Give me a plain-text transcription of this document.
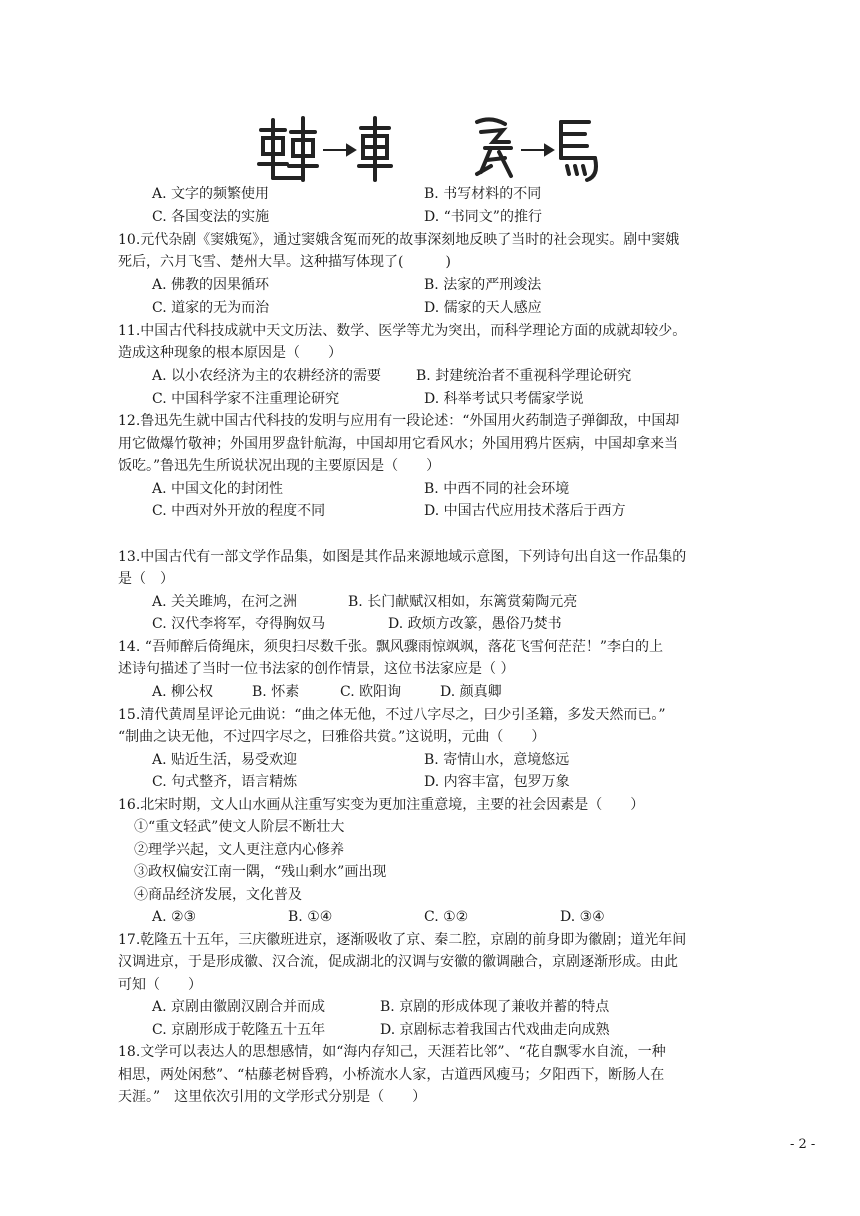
A. 文字的频繁使用	B. 书写材料的不同
C. 各国变法的实施	D. “书同文”的推行
10.元代杂剧《窦娥冤》，通过窦娥含冤而死的故事深刻地反映了当时的社会现实。剧中窦娥
死后，六月飞雪、楚州大旱。这种描写体现了(　　　)
A. 佛教的因果循环	B. 法家的严刑竣法
C. 道家的无为而治	D. 儒家的天人感应
11.中国古代科技成就中天文历法、数学、医学等尤为突出，而科学理论方面的成就却较少。
造成这种现象的根本原因是（　　）
A. 以小农经济为主的农耕经济的需要 B. 封建统治者不重视科学理论研究
C. 中国科学家不注重理论研究	D. 科举考试只考儒家学说
12.鲁迅先生就中国古代科技的发明与应用有一段论述：“外国用火药制造子弹御敌，中国却
用它做爆竹敬神；外国用罗盘针航海，中国却用它看风水；外国用鸦片医病，中国却拿来当
饭吃。”鲁迅先生所说状况出现的主要原因是（　　）
A. 中国文化的封闭性	B. 中西不同的社会环境
C. 中西对外开放的程度不同	D. 中国古代应用技术落后于西方
13.中国古代有一部文学作品集，如图是其作品来源地域示意图，下列诗句出自这一作品集的
是（　）
A. 关关雎鸠，在河之洲	B. 长门献赋汉相如，东篱赏菊陶元亮
C. 汉代李将军，夺得胸奴马	D. 政烦方改篆，愚俗乃焚书
14. “吾师醉后倚绳床，须臾扫尽数千张。飘风骤雨惊飒飒，落花飞雪何茫茫！”李白的上
述诗句描述了当时一位书法家的创作情景，这位书法家应是（ ）
A. 柳公权	B. 怀素	C. 欧阳询	D. 颜真卿
15.清代黄周星评论元曲说：“曲之体无他，不过八字尽之，曰少引圣籍，多发天然而已。”
“制曲之诀无他，不过四字尽之，曰雅俗共赏。”这说明，元曲（　　）
A. 贴近生活，易受欢迎	B. 寄情山水，意境悠远
C. 句式整齐，语言精炼	D. 内容丰富，包罗万象
16.北宋时期，文人山水画从注重写实变为更加注重意境，主要的社会因素是（　　）
①“重文轻武”使文人阶层不断壮大
②理学兴起，文人更注意内心修养
③政权偏安江南一隅，“残山剩水”画出现
④商品经济发展，文化普及
A. ②③	B. ①④	C. ①②	D. ③④
17.乾隆五十五年，三庆徽班进京，逐渐吸收了京、秦二腔，京剧的前身即为徽剧；道光年间
汉调进京，于是形成徽、汉合流，促成湖北的汉调与安徽的徽调融合，京剧逐渐形成。由此
可知（　　）
A. 京剧由徽剧汉剧合并而成	B. 京剧的形成体现了兼收并蓄的特点
C. 京剧形成于乾隆五十五年	D. 京剧标志着我国古代戏曲走向成熟
18.文学可以表达人的思想感情，如“海内存知己，天涯若比邻”、“花自飘零水自流，一种
相思，两处闲愁”、“枯藤老树昏鸦，小桥流水人家，古道西风瘦马；夕阳西下，断肠人在
天涯。”　这里依次引用的文学形式分别是（　　）
- 2 -
